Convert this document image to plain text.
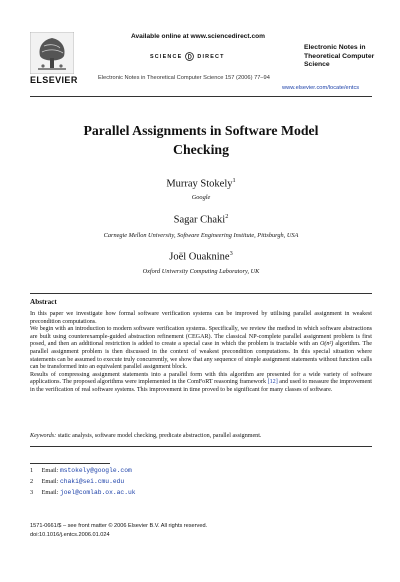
ELSEVIER
Available online at www.sciencedirect.com
SCIENCE	DIRECT
Electronic Notes in Theoretical Computer Science 157 (2006) 77–94
Electronic Notes in
Theoretical Computer
Science
www.elsevier.com/locate/entcs
Parallel Assignments in Software Model
Checking
Murray Stokely$^1$
Google
Sagar Chaki$^2$
Carnegie Mellon University, Software Engineering Institute, Pittsburgh, USA
Joël Ouaknine$^3$
Oxford University Computing Laboratory, UK
Abstract

In this paper we investigate how formal software verification systems can be improved by utilising parallel assignment in weakest precondition computations.

We begin with an introduction to modern software verification systems. Specifically, we review the method in which software abstractions are built using counterexample-guided abstraction refinement (CEGAR). The classical NP-complete parallel assignment problem is first posed, and then an additional restriction is added to create a special case in which the problem is tractable with an O(n²) algorithm. The parallel assignment problem is then discussed in the context of weakest precondition computations. In this special situation where statements can be assumed to execute truly concurrently, we show that any sequence of simple assignment statements without function calls can be transformed into an equivalent parallel assignment block.

Results of compressing assignment statements into a parallel form with this algorithm are presented for a wide variety of software applications. The proposed algorithms were implemented in the ComFoRT reasoning framework [12] and used to measure the improvement in the verification of real software systems. This improvement in time proved to be significant for many classes of software.

Keywords: static analysis, software model checking, predicate abstraction, parallel assignment.
1 Email: mstokely@google.com
2 Email: chaki@sei.cmu.edu
3 Email: joel@comlab.ox.ac.uk
1571-0661/$ – see front matter © 2006 Elsevier B.V. All rights reserved.
doi:10.1016/j.entcs.2006.01.024
